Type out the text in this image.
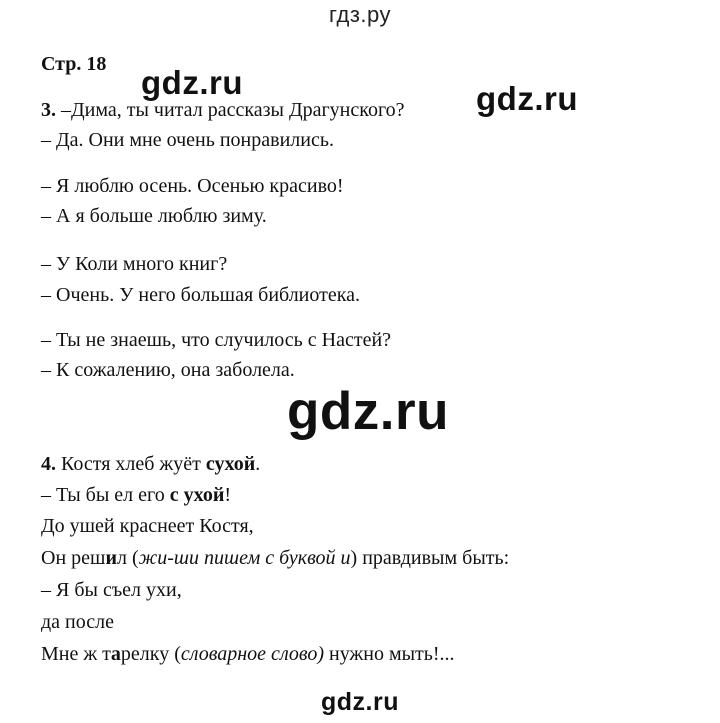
гдз.ру
Стр. 18
3. –Дима, ты читал рассказы Драгунского?
– Да. Они мне очень понравились.
– Я люблю осень. Осенью красиво!
– А я больше люблю зиму.
– У Коли много книг?
– Очень. У него большая библиотека.
– Ты не знаешь, что случилось с Настей?
– К сожалению, она заболела.
4. Костя хлеб жуёт сухой.
– Ты бы ел его с ухой!
До ушей краснеет Костя,
Он решил (жи-ши пишем с буквой и) правдивым быть:
– Я бы съел ухи,
да после
Мне ж тарелку (словарное слово) нужно мыть!...
gdz.ru	gdz.ru
gdz.ru
gdz.ru
